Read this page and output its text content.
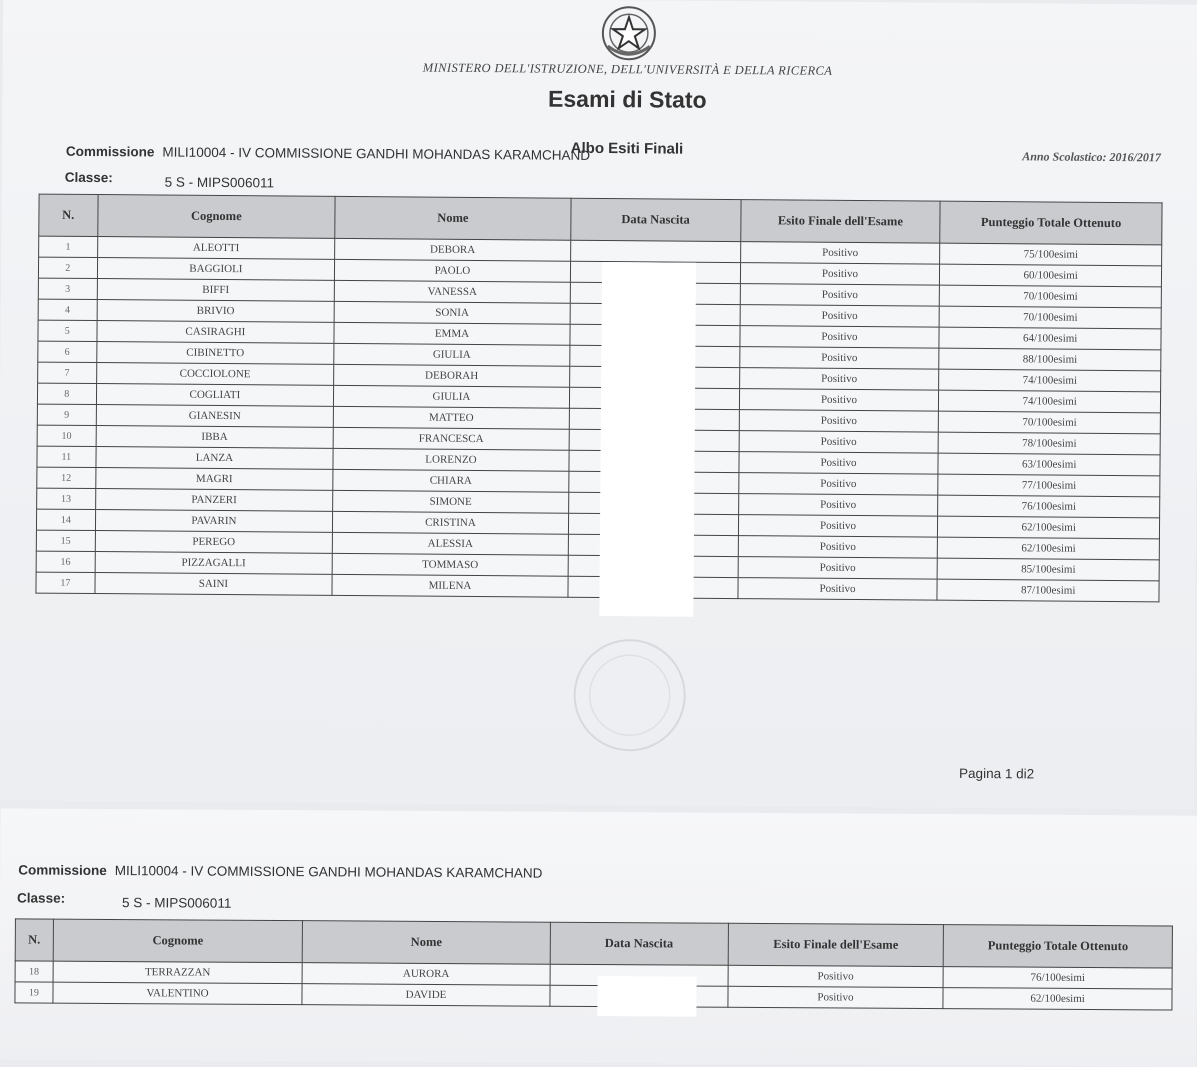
MINISTERO DELL'ISTRUZIONE, DELL'UNIVERSITÀ E DELLA RICERCA
Esami di Stato
Albo Esiti Finali	Anno Scolastico: 2016/2017
Commissione MILI10004 - IV COMMISSIONE GANDHI MOHANDAS KARAMCHAND
Classe:	5 S - MIPS006011
N.	Cognome	Nome	Data Nascita	Esito Finale dell'Esame	Punteggio Totale Ottenuto
1	ALEOTTI	DEBORA		Positivo	75/100esimi
2	BAGGIOLI	PAOLO		Positivo	60/100esimi
3	BIFFI	VANESSA		Positivo	70/100esimi
4	BRIVIO	SONIA		Positivo	70/100esimi
5	CASIRAGHI	EMMA		Positivo	64/100esimi
6	CIBINETTO	GIULIA		Positivo	88/100esimi
7	COCCIOLONE	DEBORAH		Positivo	74/100esimi
8	COGLIATI	GIULIA		Positivo	74/100esimi
9	GIANESIN	MATTEO		Positivo	70/100esimi
10	IBBA	FRANCESCA		Positivo	78/100esimi
11	LANZA	LORENZO		Positivo	63/100esimi
12	MAGRI	CHIARA		Positivo	77/100esimi
13	PANZERI	SIMONE		Positivo	76/100esimi
14	PAVARIN	CRISTINA		Positivo	62/100esimi
15	PEREGO	ALESSIA		Positivo	62/100esimi
16	PIZZAGALLI	TOMMASO		Positivo	85/100esimi
17	SAINI	MILENA		Positivo	87/100esimi
Pagina 1 di2
Commissione MILI10004 - IV COMMISSIONE GANDHI MOHANDAS KARAMCHAND
Classe:	5 S - MIPS006011
N.	Cognome	Nome	Data Nascita	Esito Finale dell'Esame	Punteggio Totale Ottenuto
18	TERRAZZAN	AURORA		Positivo	76/100esimi
19	VALENTINO	DAVIDE		Positivo	62/100esimi
